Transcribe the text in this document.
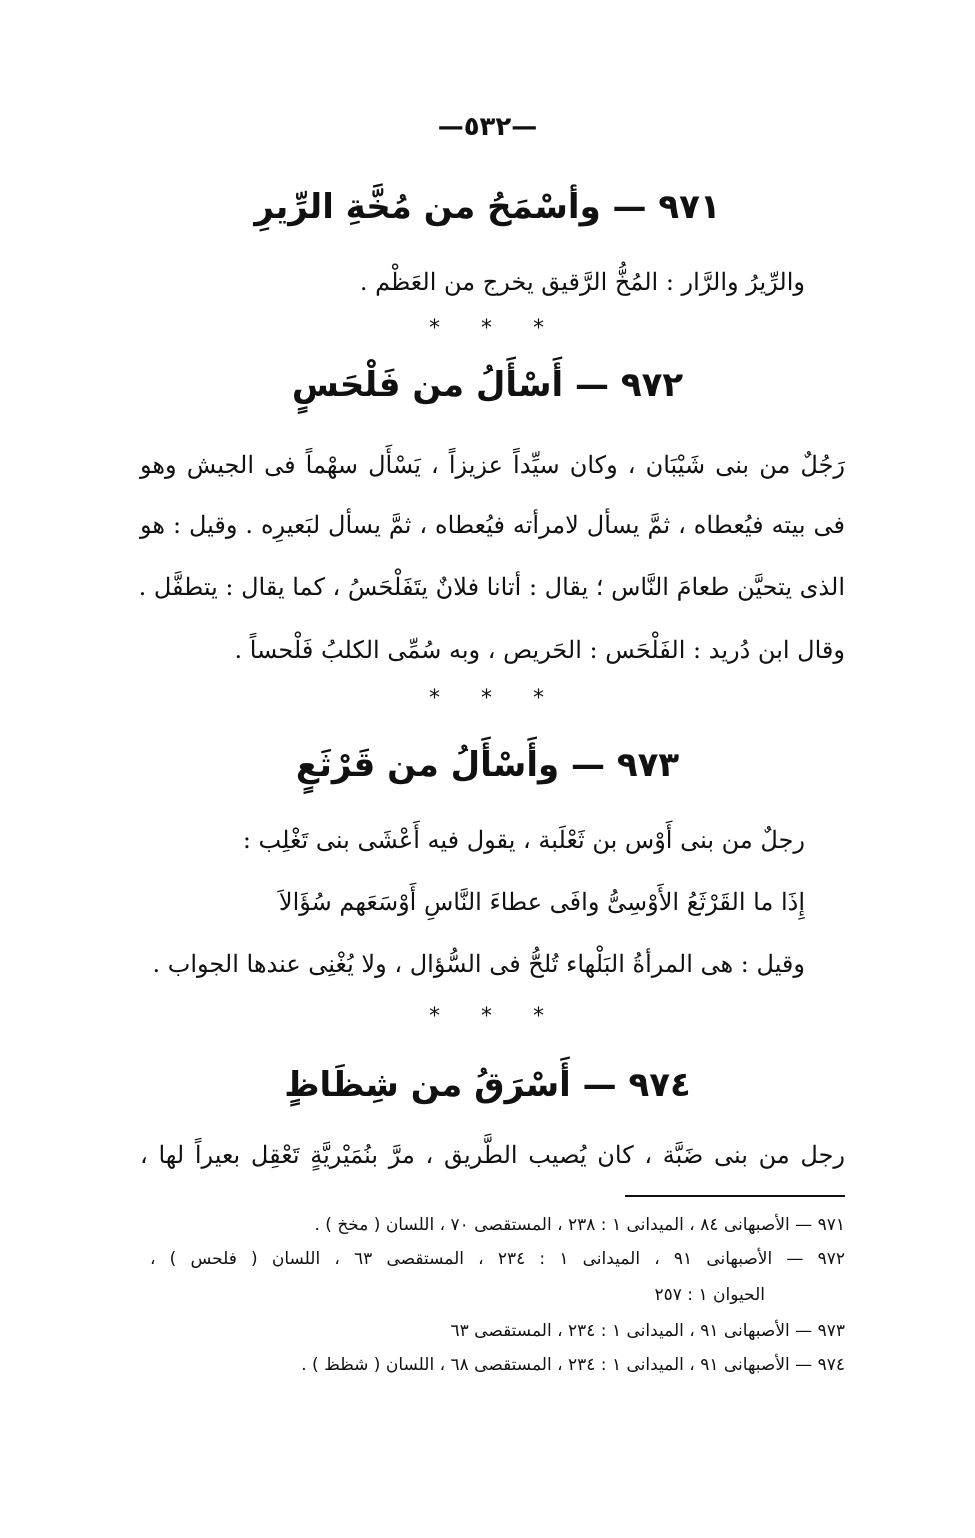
—٥٣٢—
٩٧١ — وأسْمَحُ من مُخَّةِ الرِّيرِ
والرِّيرُ والرَّار : المُخُّ الرَّقيق يخرج من العَظْم .
* * *
٩٧٢ — أَسْأَلُ من فَلْحَسٍ
رَجُلٌ من بنى شَيْبَان ، وكان سيِّداً عزيزاً ، يَسْأَل سهْماً فى الجيش وهو
فى بيته فيُعطاه ، ثمَّ يسأل لامرأته فيُعطاه ، ثمَّ يسأل لبَعيرِه . وقيل : هو
الذى يتحيَّن طعامَ النَّاس ؛ يقال : أتانا فلانٌ يتَفَلْحَسُ ، كما يقال : يتطفَّل .
وقال ابن دُريد : الفَلْحَس : الحَريص ، وبه سُمِّى الكلبُ فَلْحساً .
* * *
٩٧٣ — وأَسْأَلُ من قَرْثَعٍ
رجلٌ من بنى أَوْس بن ثَعْلَبة ، يقول فيه أَعْشَى بنى تَغْلِب :
إِذَا ما القَرْثَعُ الأَوْسِىُّ وافَى عطاءَ النَّاسِ أَوْسَعَهم سُؤَالاَ
وقيل : هى المرأةُ البَلْهاء تُلحُّ فى السُّؤال ، ولا يُغْنِى عندها الجواب .
* * *
٩٧٤ — أَسْرَقُ من شِظَاظٍ
رجل من بنى ضَبَّة ، كان يُصيب الطَّريق ، مرَّ بنُمَيْريَّةٍ تَعْقِل بعيراً لها ،
٩٧١ — الأصبهانى ٨٤ ، الميدانى ١ : ٢٣٨ ، المستقصى ٧٠ ، اللسان ( مخخ ) .
٩٧٢ — الأصبهانى ٩١ ، الميدانى ١ : ٢٣٤ ، المستقصى ٦٣ ، اللسان ( فلحس ) ،
الحيوان ١ : ٢٥٧
٩٧٣ — الأصبهانى ٩١ ، الميدانى ١ : ٢٣٤ ، المستقصى ٦٣
٩٧٤ — الأصبهانى ٩١ ، الميدانى ١ : ٢٣٤ ، المستقصى ٦٨ ، اللسان ( شظظ ) .
